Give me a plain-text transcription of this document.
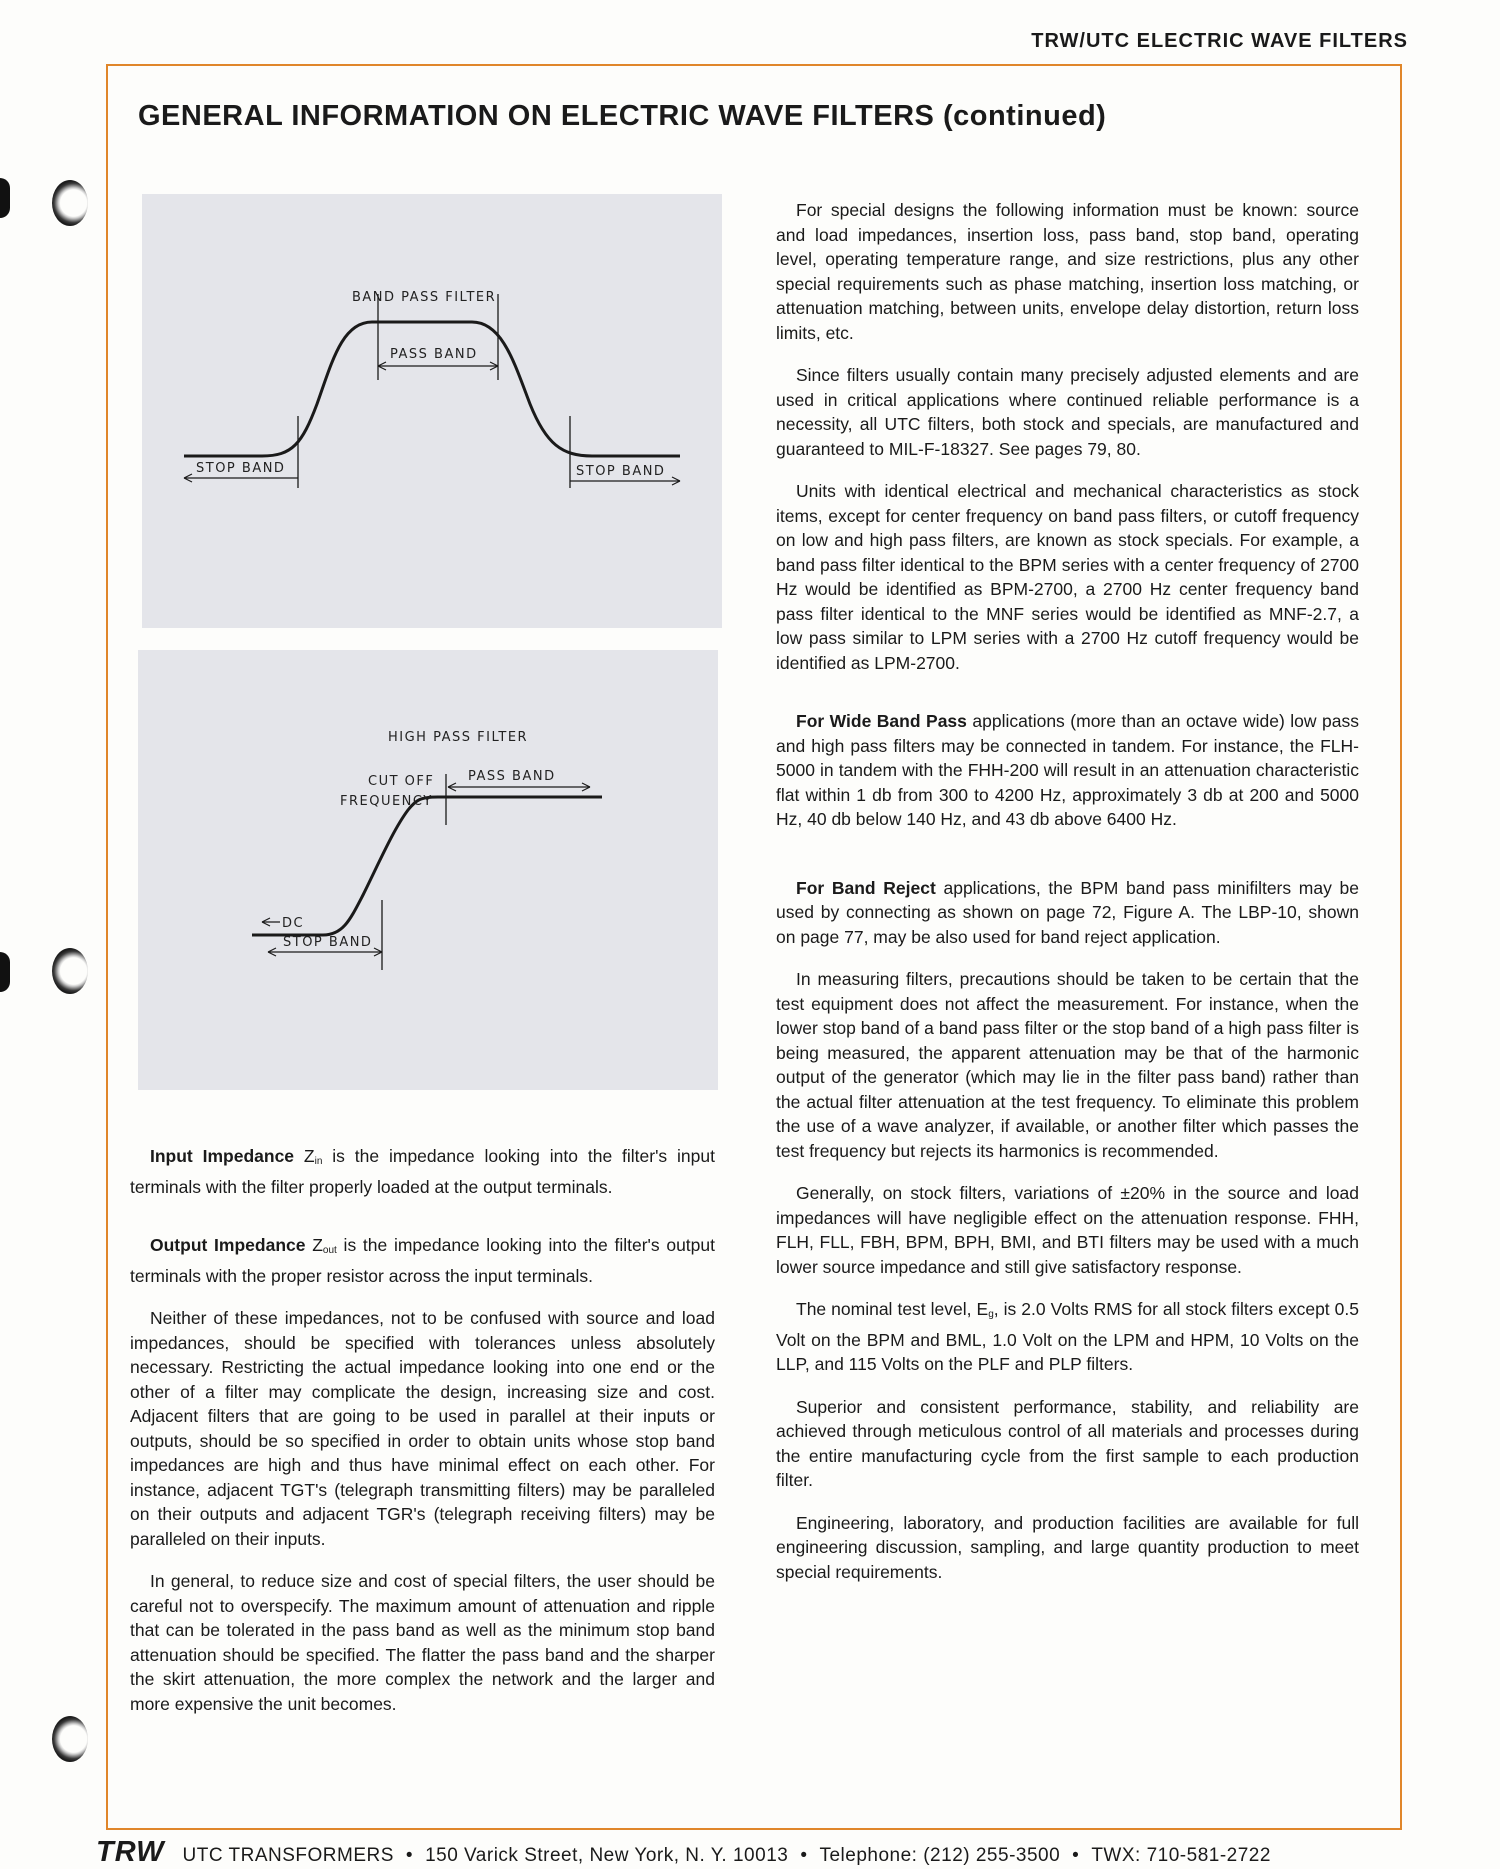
TRW/UTC ELECTRIC WAVE FILTERS
GENERAL INFORMATION ON ELECTRIC WAVE FILTERS (continued)
BAND PASS FILTER
PASS BAND
STOP BAND	STOP BAND
HIGH PASS FILTER
CUT OFF
FREQUENCY
PASS BAND
DC
STOP BAND

Input Impedance $Z_{in}$ is the impedance looking into the filter's input terminals with the filter properly loaded at the output terminals.

Output Impedance $Z_{out}$ is the impedance looking into the filter's output terminals with the proper resistor across the input terminals.

Neither of these impedances, not to be confused with source and load impedances, should be specified with tolerances unless absolutely necessary. Restricting the actual impedance looking into one end or the other of a filter may complicate the design, increasing size and cost. Adjacent filters that are going to be used in parallel at their inputs or outputs, should be so specified in order to obtain units whose stop band impedances are high and thus have minimal effect on each other. For instance, adjacent TGT's (telegraph transmitting filters) may be paralleled on their outputs and adjacent TGR's (telegraph receiving filters) may be paralleled on their inputs.

In general, to reduce size and cost of special filters, the user should be careful not to overspecify. The maximum amount of attenuation and ripple that can be tolerated in the pass band as well as the minimum stop band attenuation should be specified. The flatter the pass band and the sharper the skirt attenuation, the more complex the network and the larger and more expensive the unit becomes.

For special designs the following information must be known: source and load impedances, insertion loss, pass band, stop band, operating level, operating temperature range, and size restrictions, plus any other special requirements such as phase matching, insertion loss matching, or attenuation matching, between units, envelope delay distortion, return loss limits, etc.

Since filters usually contain many precisely adjusted elements and are used in critical applications where continued reliable performance is a necessity, all UTC filters, both stock and specials, are manufactured and guaranteed to MIL-F-18327. See pages 79, 80.

Units with identical electrical and mechanical characteristics as stock items, except for center frequency on band pass filters, or cutoff frequency on low and high pass filters, are known as stock specials. For example, a band pass filter identical to the BPM series with a center frequency of 2700 Hz would be identified as BPM-2700, a 2700 Hz center frequency band pass filter identical to the MNF series would be identified as MNF-2.7, a low pass similar to LPM series with a 2700 Hz cutoff frequency would be identified as LPM-2700.

For Wide Band Pass applications (more than an octave wide) low pass and high pass filters may be connected in tandem. For instance, the FLH-5000 in tandem with the FHH-200 will result in an attenuation characteristic flat within 1 db from 300 to 4200 Hz, approximately 3 db at 200 and 5000 Hz, 40 db below 140 Hz, and 43 db above 6400 Hz.

For Band Reject applications, the BPM band pass minifilters may be used by connecting as shown on page 72, Figure A. The LBP-10, shown on page 77, may be also used for band reject application.

In measuring filters, precautions should be taken to be certain that the test equipment does not affect the measurement. For instance, when the lower stop band of a band pass filter or the stop band of a high pass filter is being measured, the apparent attenuation may be that of the harmonic output of the generator (which may lie in the filter pass band) rather than the actual filter attenuation at the test frequency. To eliminate this problem the use of a wave analyzer, if available, or another filter which passes the test frequency but rejects its harmonics is recommended.

Generally, on stock filters, variations of ±20% in the source and load impedances will have negligible effect on the attenuation response. FHH, FLH, FLL, FBH, BPM, BPH, BMI, and BTI filters may be used with a much lower source impedance and still give satisfactory response.

The nominal test level, $E_g$, is 2.0 Volts RMS for all stock filters except 0.5 Volt on the BPM and BML, 1.0 Volt on the LPM and HPM, 10 Volts on the LLP, and 115 Volts on the PLF and PLP filters.

Superior and consistent performance, stability, and reliability are achieved through meticulous control of all materials and processes during the entire manufacturing cycle from the first sample to each production filter.

Engineering, laboratory, and production facilities are available for full engineering discussion, sampling, and large quantity production to meet special requirements.

TRW UTC TRANSFORMERS • 150 Varick Street, New York, N. Y. 10013 • Telephone: (212) 255-3500 • TWX: 710-581-2722
